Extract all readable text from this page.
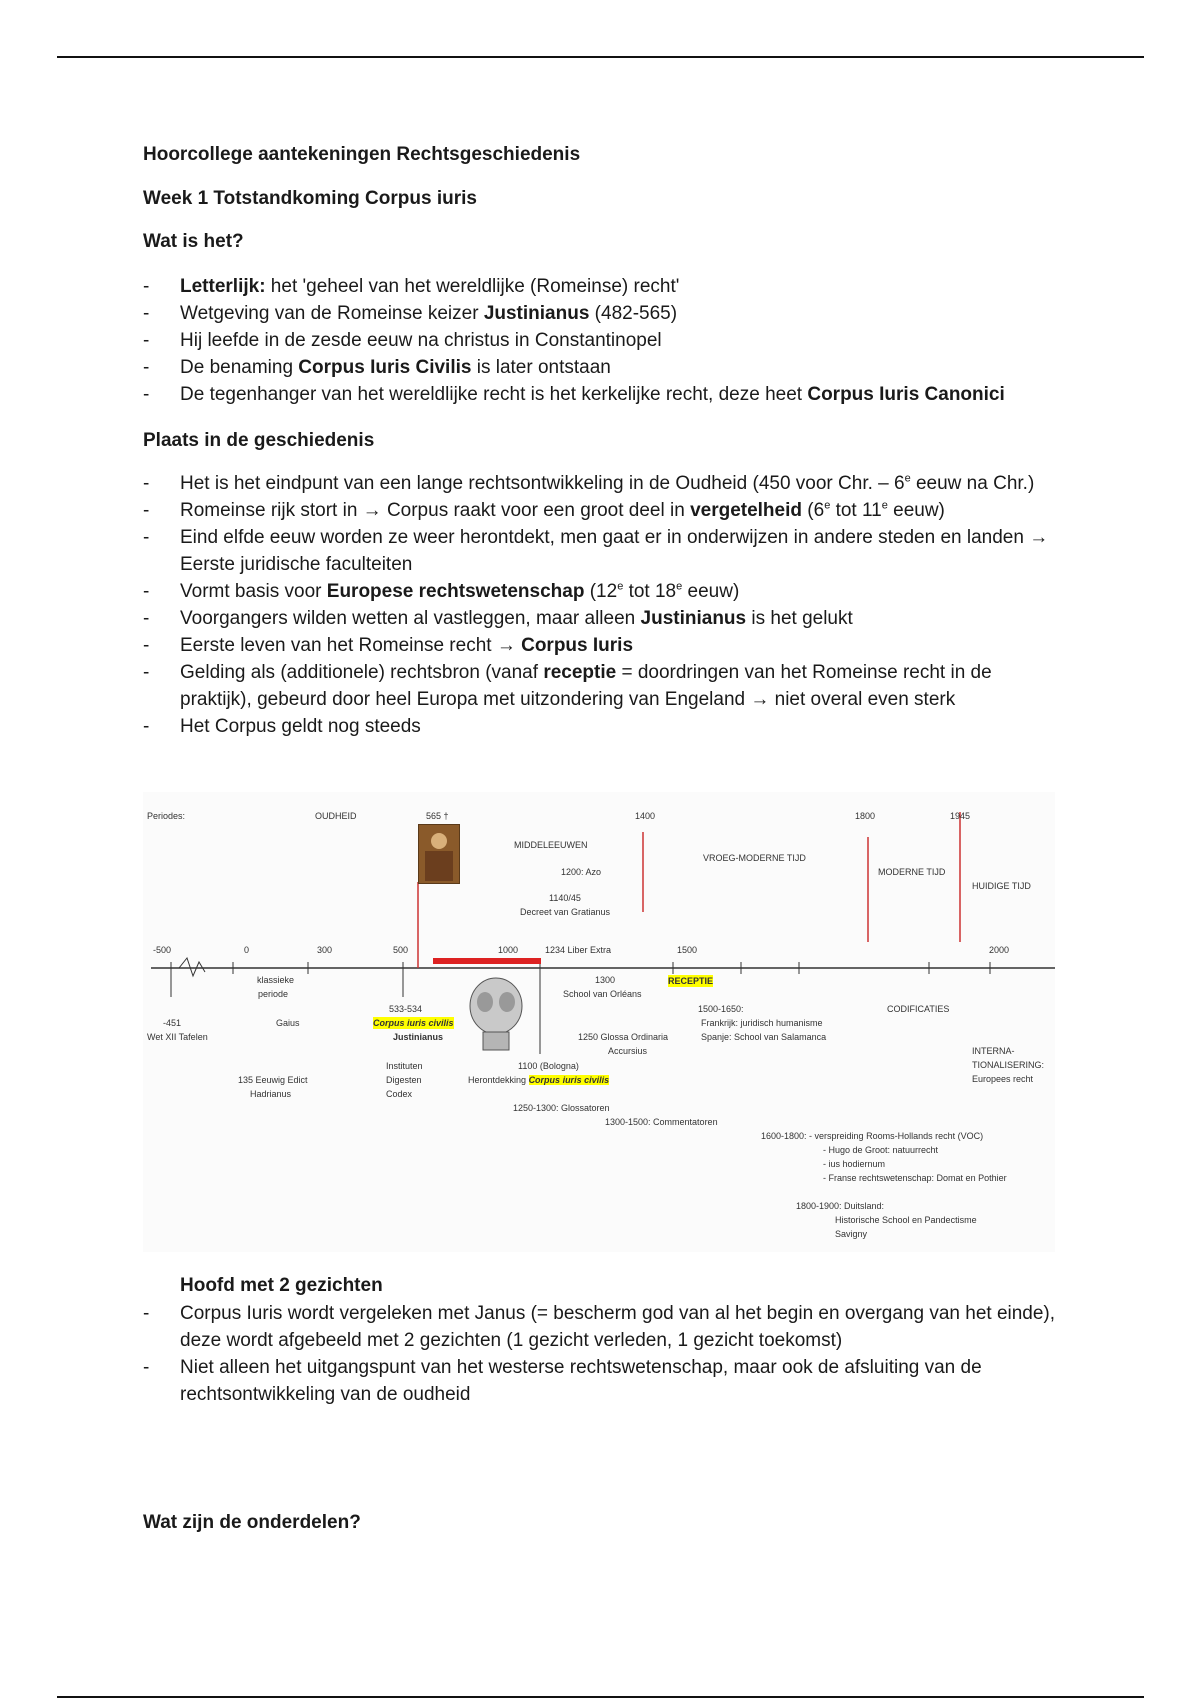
Hoorcollege aantekeningen Rechtsgeschiedenis
Week 1 Totstandkoming Corpus iuris
Wat is het?
- Letterlijk: het 'geheel van het wereldlijke (Romeinse) recht'
- Wetgeving van de Romeinse keizer Justinianus (482-565)
- Hij leefde in de zesde eeuw na christus in Constantinopel
- De benaming Corpus Iuris Civilis is later ontstaan
- De tegenhanger van het wereldlijke recht is het kerkelijke recht, deze heet Corpus Iuris Canonici
Plaats in de geschiedenis
- Het is het eindpunt van een lange rechtsontwikkeling in de Oudheid (450 voor Chr. – 6e eeuw na Chr.)
- Romeinse rijk stort in → Corpus raakt voor een groot deel in vergetelheid (6e tot 11e eeuw)
- Eind elfde eeuw worden ze weer herontdekt, men gaat er in onderwijzen in andere steden en landen → Eerste juridische faculteiten
- Vormt basis voor Europese rechtswetenschap (12e tot 18e eeuw)
- Voorgangers wilden wetten al vastleggen, maar alleen Justinianus is het gelukt
- Eerste leven van het Romeinse recht → Corpus Iuris
- Gelding als (additionele) rechtsbron (vanaf receptie = doordringen van het Romeinse recht in de praktijk), gebeurd door heel Europa met uitzondering van Engeland → niet overal even sterk
- Het Corpus geldt nog steeds
Periodes:	OUDHEID	565 †	1400	1800	1945
MIDDELEEUWEN
VROEG-MODERNE TIJD
MODERNE TIJD
HUIDIGE TIJD
1200: Azo
1140/45
Decreet van Gratianus
-500	0	300	500	1000	1500	2000
1234 Liber Extra
klassieke
periode
1300
School van Orléans
RECEPTIE
-451
Wet XII Tafelen
Gaius
533-534
Corpus iuris civilis
Justinianus
1500-1650:
Frankrijk: juridisch humanisme
Spanje: School van Salamanca
CODIFICATIES
1250 Glossa Ordinaria
Accursius	INTERNA-
TIONALISERING:
Europees recht
135 Eeuwig Edict
Hadrianus
Instituten
Digesten
Codex
1100 (Bologna)
Herontdekking Corpus iuris civilis
1250-1300: Glossatoren
1300-1500: Commentatoren
1600-1800: - verspreiding Rooms-Hollands recht (VOC)
- Hugo de Groot: natuurrecht
- ius hodiernum
- Franse rechtswetenschap: Domat en Pothier
1800-1900: Duitsland:
Historische School en Pandectisme
Savigny
Hoofd met 2 gezichten
- Corpus Iuris wordt vergeleken met Janus (= bescherm god van al het begin en overgang van het einde), deze wordt afgebeeld met 2 gezichten (1 gezicht verleden, 1 gezicht toekomst)
- Niet alleen het uitgangspunt van het westerse rechtswetenschap, maar ook de afsluiting van de rechtsontwikkeling van de oudheid
Wat zijn de onderdelen?
